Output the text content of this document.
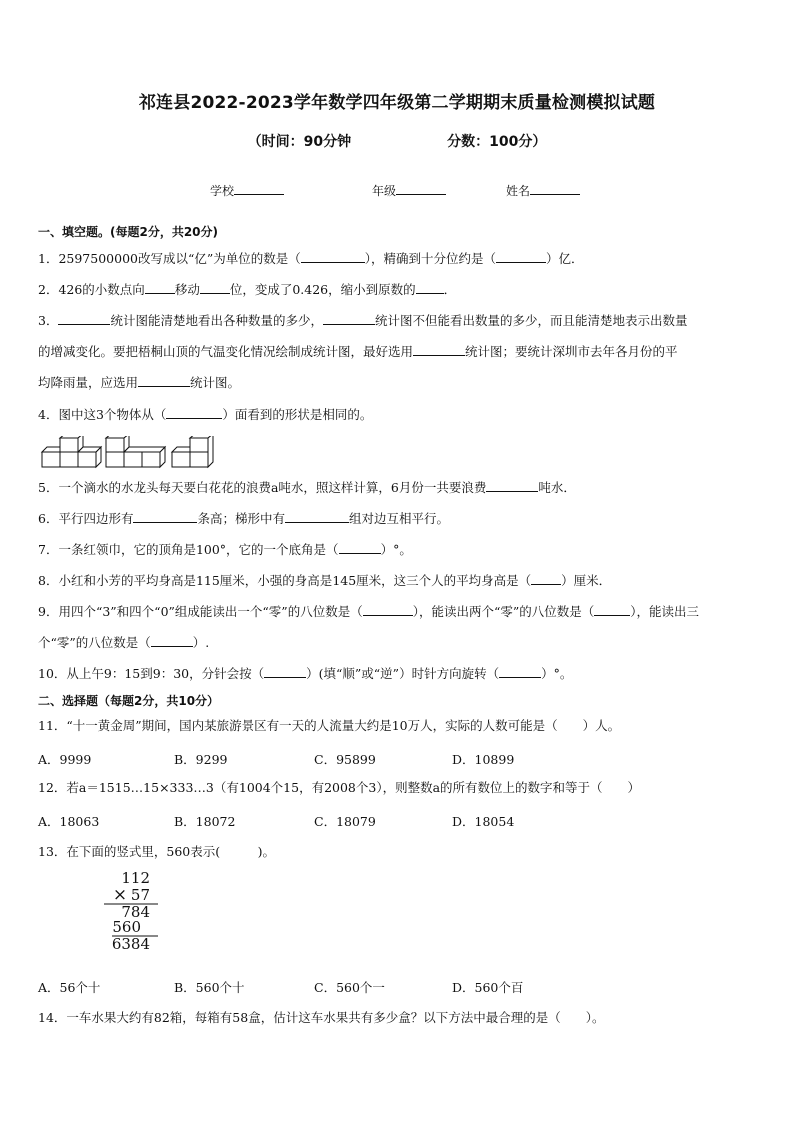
祁连县2022-2023学年数学四年级第二学期期末质量检测模拟试题
（时间：90分钟	分数：100分）
学校	年级	姓名
一、填空题。(每题2分，共20分)
1．2597500000改写成以“亿”为单位的数是（	），精确到十分位约是（	）亿．
2．426的小数点向 移动 位，变成了0.426，缩小到原数的 ．
3．	统计图能清楚地看出各种数量的多少，	统计图不但能看出数量的多少，而且能清楚地表示出数量
的增减变化。要把梧桐山顶的气温变化情况绘制成统计图，最好选用	统计图；要统计深圳市去年各月份的平
均降雨量，应选用	统计图。
4．图中这3个物体从（	）面看到的形状是相同的。
5．一个滴水的水龙头每天要白花花的浪费a吨水，照这样计算，6月份一共要浪费	吨水．
6．平行四边形有	条高；梯形中有	组对边互相平行。
7．一条红领巾，它的顶角是100°，它的一个底角是（	）°。
8．小红和小芳的平均身高是115厘米，小强的身高是145厘米，这三个人的平均身高是（ ）厘米．
9．用四个“3”和四个“0”组成能读出一个“零”的八位数是（	），能读出两个“零”的八位数是（	），能读出三
个“零”的八位数是（	）.
10．从上午9：15到9：30，分针会按（	）(填“顺”或“逆”）时针方向旋转（	）°。
二、选择题（每题2分，共10分）
11．“十一黄金周”期间，国内某旅游景区有一天的人流量大约是10万人，实际的人数可能是（　　）人。
A．9999	B．9299	C．95899	D．10899
12．若a＝1515…15×333…3（有1004个15，有2008个3），则整数a的所有数位上的数字和等于（　　）
A．18063	B．18072	C．18079	D．18054
13．在下面的竖式里，560表示(　　　)。
112
× 57
784
560
6384
A．56个十	B．560个十	C．560个一	D．560个百
14．一车水果大约有82箱，每箱有58盒，估计这车水果共有多少盒？以下方法中最合理的是（　　）。
